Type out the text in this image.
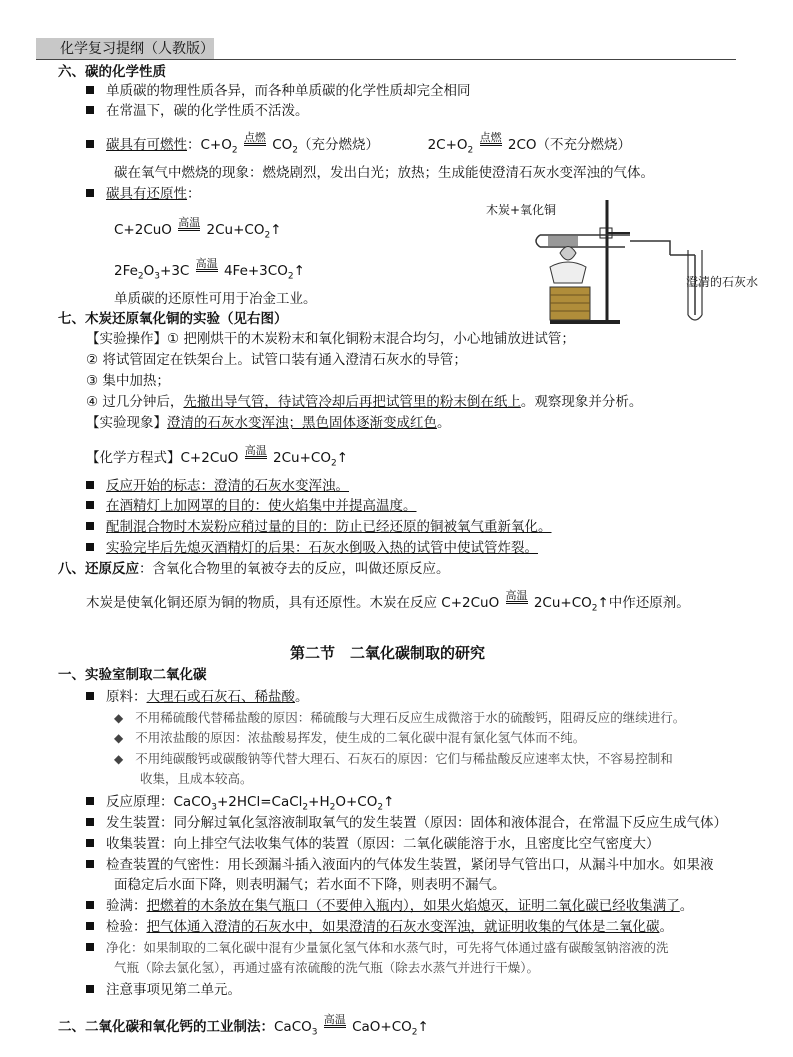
化学复习提纲（人教版）
六、碳的化学性质
单质碳的物理性质各异，而各种单质碳的化学性质却完全相同
在常温下，碳的化学性质不活泼。
碳具有可燃性：$C+O_2$
点燃 $CO_2$（充分燃烧）	$2C+O_2$
点燃 2CO（不充分燃烧）
碳在氧气中燃烧的现象：燃烧剧烈，发出白光；放热；生成能使澄清石灰水变浑浊的气体。
碳具有还原性：
C+2CuO 高温 $2Cu+CO_2↑$
$2Fe_2O_3+3C$ 高温 $4Fe+3CO_2↑$
单质碳的还原性可用于冶金工业。
木炭+氧化铜
澄清的石灰水
七、木炭还原氧化铜的实验（见右图）
【实验操作】① 把刚烘干的木炭粉末和氧化铜粉末混合均匀，小心地铺放进试管；
② 将试管固定在铁架台上。试管口装有通入澄清石灰水的导管；
③ 集中加热；
④ 过几分钟后，先撤出导气管，待试管冷却后再把试管里的粉末倒在纸上。观察现象并分析。
【实验现象】澄清的石灰水变浑浊；黑色固体逐渐变成红色。
【化学方程式】C+2CuO 高温 $2Cu+CO_2↑$
反应开始的标志：澄清的石灰水变浑浊。
在酒精灯上加网罩的目的：使火焰集中并提高温度。
配制混合物时木炭粉应稍过量的目的：防止已经还原的铜被氧气重新氧化。
实验完毕后先熄灭酒精灯的后果：石灰水倒吸入热的试管中使试管炸裂。
八、还原反应：含氧化合物里的氧被夺去的反应，叫做还原反应。
木炭是使氧化铜还原为铜的物质，具有还原性。木炭在反应 C+2CuO 高温 $2Cu+CO_2↑$中作还原剂。
第二节　二氧化碳制取的研究
一、实验室制取二氧化碳
原料：大理石或石灰石、稀盐酸。
◆ 不用稀硫酸代替稀盐酸的原因：稀硫酸与大理石反应生成微溶于水的硫酸钙，阻碍反应的继续进行。
◆ 不用浓盐酸的原因：浓盐酸易挥发，使生成的二氧化碳中混有氯化氢气体而不纯。
◆ 不用纯碳酸钙或碳酸钠等代替大理石、石灰石的原因：它们与稀盐酸反应速率太快，不容易控制和
收集，且成本较高。
反应原理：$CaCO_3+2HCl=CaCl_2+H_2O+CO_2↑$
发生装置：同分解过氧化氢溶液制取氧气的发生装置（原因：固体和液体混合，在常温下反应生成气体）
收集装置：向上排空气法收集气体的装置（原因：二氧化碳能溶于水，且密度比空气密度大）
检查装置的气密性：用长颈漏斗插入液面内的气体发生装置，紧闭导气管出口，从漏斗中加水。如果液
面稳定后水面下降，则表明漏气；若水面不下降，则表明不漏气。
验满：把燃着的木条放在集气瓶口（不要伸入瓶内），如果火焰熄灭，证明二氧化碳已经收集满了。
检验：把气体通入澄清的石灰水中，如果澄清的石灰水变浑浊，就证明收集的气体是二氧化碳。
净化：如果制取的二氧化碳中混有少量氯化氢气体和水蒸气时，可先将气体通过盛有碳酸氢钠溶液的洗
气瓶（除去氯化氢），再通过盛有浓硫酸的洗气瓶（除去水蒸气并进行干燥）。
注意事项见第二单元。
二、二氧化碳和氧化钙的工业制法：CaCO$_3$
高温 $CaO+CO_2↑$
